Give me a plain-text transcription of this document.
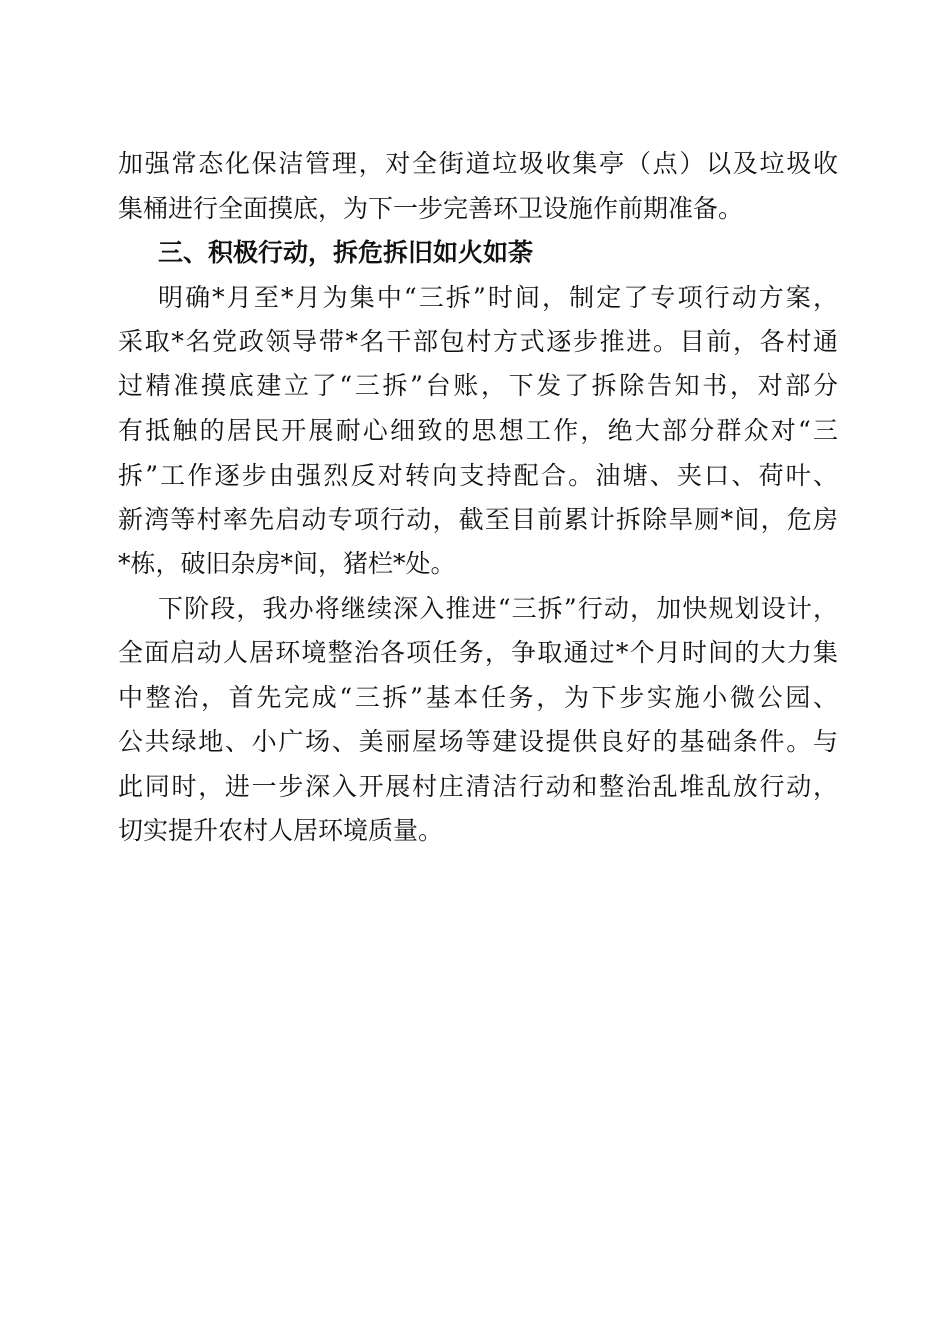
加强常态化保洁管理，对全街道垃圾收集亭（点）以及垃圾收
集桶进行全面摸底，为下一步完善环卫设施作前期准备。
三、积极行动，拆危拆旧如火如荼
明确*月至*月为集中“三拆”时间，制定了专项行动方案，
采取*名党政领导带*名干部包村方式逐步推进。目前，各村通
过精准摸底建立了“三拆”台账，下发了拆除告知书，对部分
有抵触的居民开展耐心细致的思想工作，绝大部分群众对“三
拆”工作逐步由强烈反对转向支持配合。油塘、夹口、荷叶、
新湾等村率先启动专项行动，截至目前累计拆除旱厕*间，危房
*栋，破旧杂房*间，猪栏*处。
下阶段，我办将继续深入推进“三拆”行动，加快规划设计，
全面启动人居环境整治各项任务，争取通过*个月时间的大力集
中整治，首先完成“三拆”基本任务，为下步实施小微公园、
公共绿地、小广场、美丽屋场等建设提供良好的基础条件。与
此同时，进一步深入开展村庄清洁行动和整治乱堆乱放行动，
切实提升农村人居环境质量。
